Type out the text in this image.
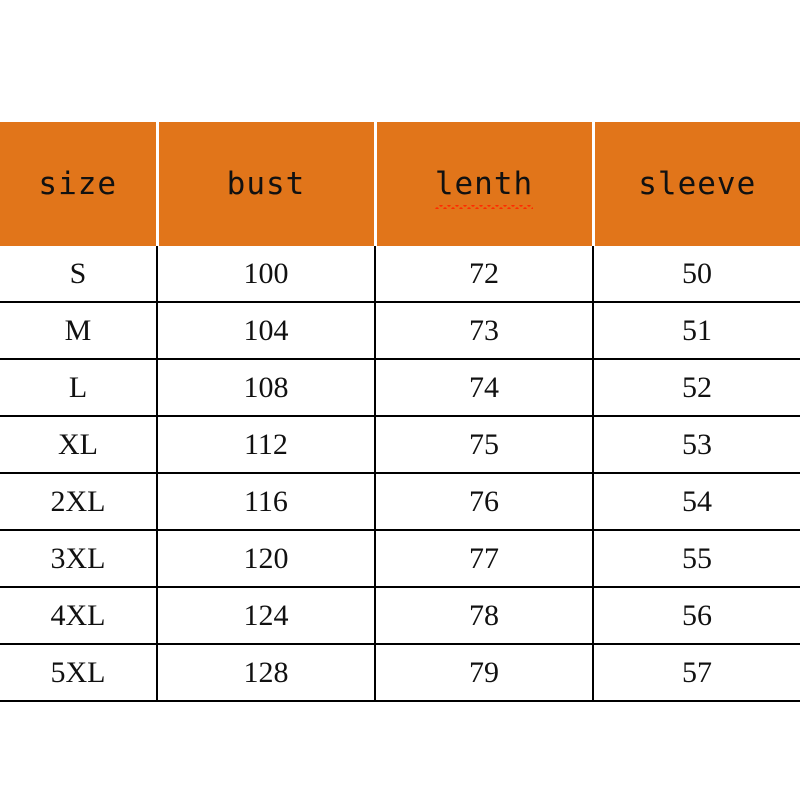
size	bust	lenth	sleeve
S	100	72	50
M	104	73	51
L	108	74	52
XL	112	75	53
2XL	116	76	54
3XL	120	77	55
4XL	124	78	56
5XL	128	79	57
